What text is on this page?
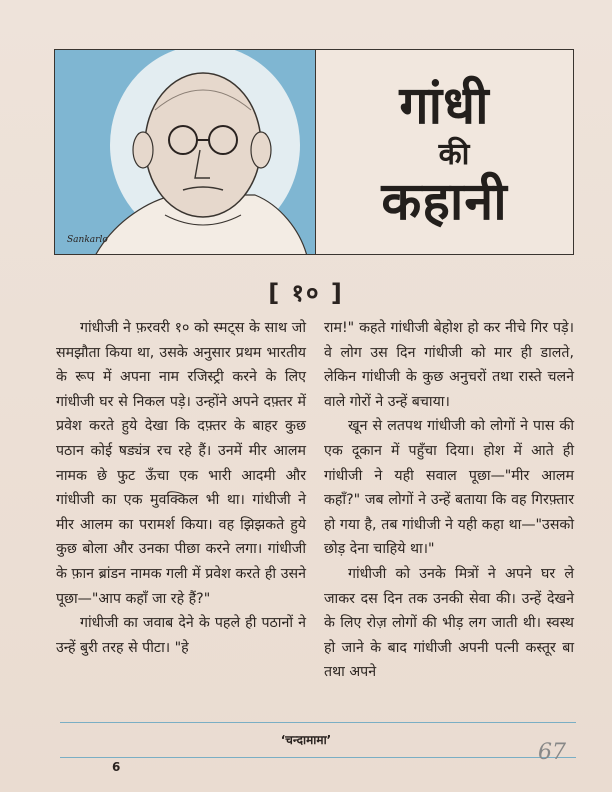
Sankarlo
गांधी
की
कहानी
[ १० ]

गांधीजी ने फ़रवरी १० को स्मट्स के साथ जो समझौता किया था, उसके अनुसार प्रथम भारतीय के रूप में अपना नाम रजिस्ट्री करने के लिए गांधीजी घर से निकल पड़े। उन्होंने अपने दफ़्तर में प्रवेश करते हुये देखा कि दफ़्तर के बाहर कुछ पठान कोई षड्यंत्र रच रहे हैं। उनमें मीर आलम नामक छे फुट ऊँचा एक भारी आदमी और गांधीजी का एक मुवक्किल भी था। गांधीजी ने मीर आलम का परामर्श किया। वह झिझकते हुये कुछ बोला और उनका पीछा करने लगा। गांधीजी के फ़ान ब्रांडन नामक गली में प्रवेश करते ही उसने पूछा—"आप कहाँ जा रहे हैं?"

गांधीजी का जवाब देने के पहले ही पठानों ने उन्हें बुरी तरह से पीटा। "हे

राम!" कहते गांधीजी बेहोश हो कर नीचे गिर पड़े। वे लोग उस दिन गांधीजी को मार ही डालते, लेकिन गांधीजी के कुछ अनुचरों तथा रास्ते चलने वाले गोरों ने उन्हें बचाया।

खून से लतपथ गांधीजी को लोगों ने पास की एक दूकान में पहुँचा दिया। होश में आते ही गांधीजी ने यही सवाल पूछा—"मीर आलम कहाँ?" जब लोगों ने उन्हें बताया कि वह गिरफ़्तार हो गया है, तब गांधीजी ने यही कहा था—"उसको छोड़ देना चाहिये था।"

गांधीजी को उनके मित्रों ने अपने घर ले जाकर दस दिन तक उनकी सेवा की। उन्हें देखने के लिए रोज़ लोगों की भीड़ लग जाती थी। स्वस्थ हो जाने के बाद गांधीजी अपनी पत्नी कस्तूर बा तथा अपने

‘चन्दामामा’
6
67
